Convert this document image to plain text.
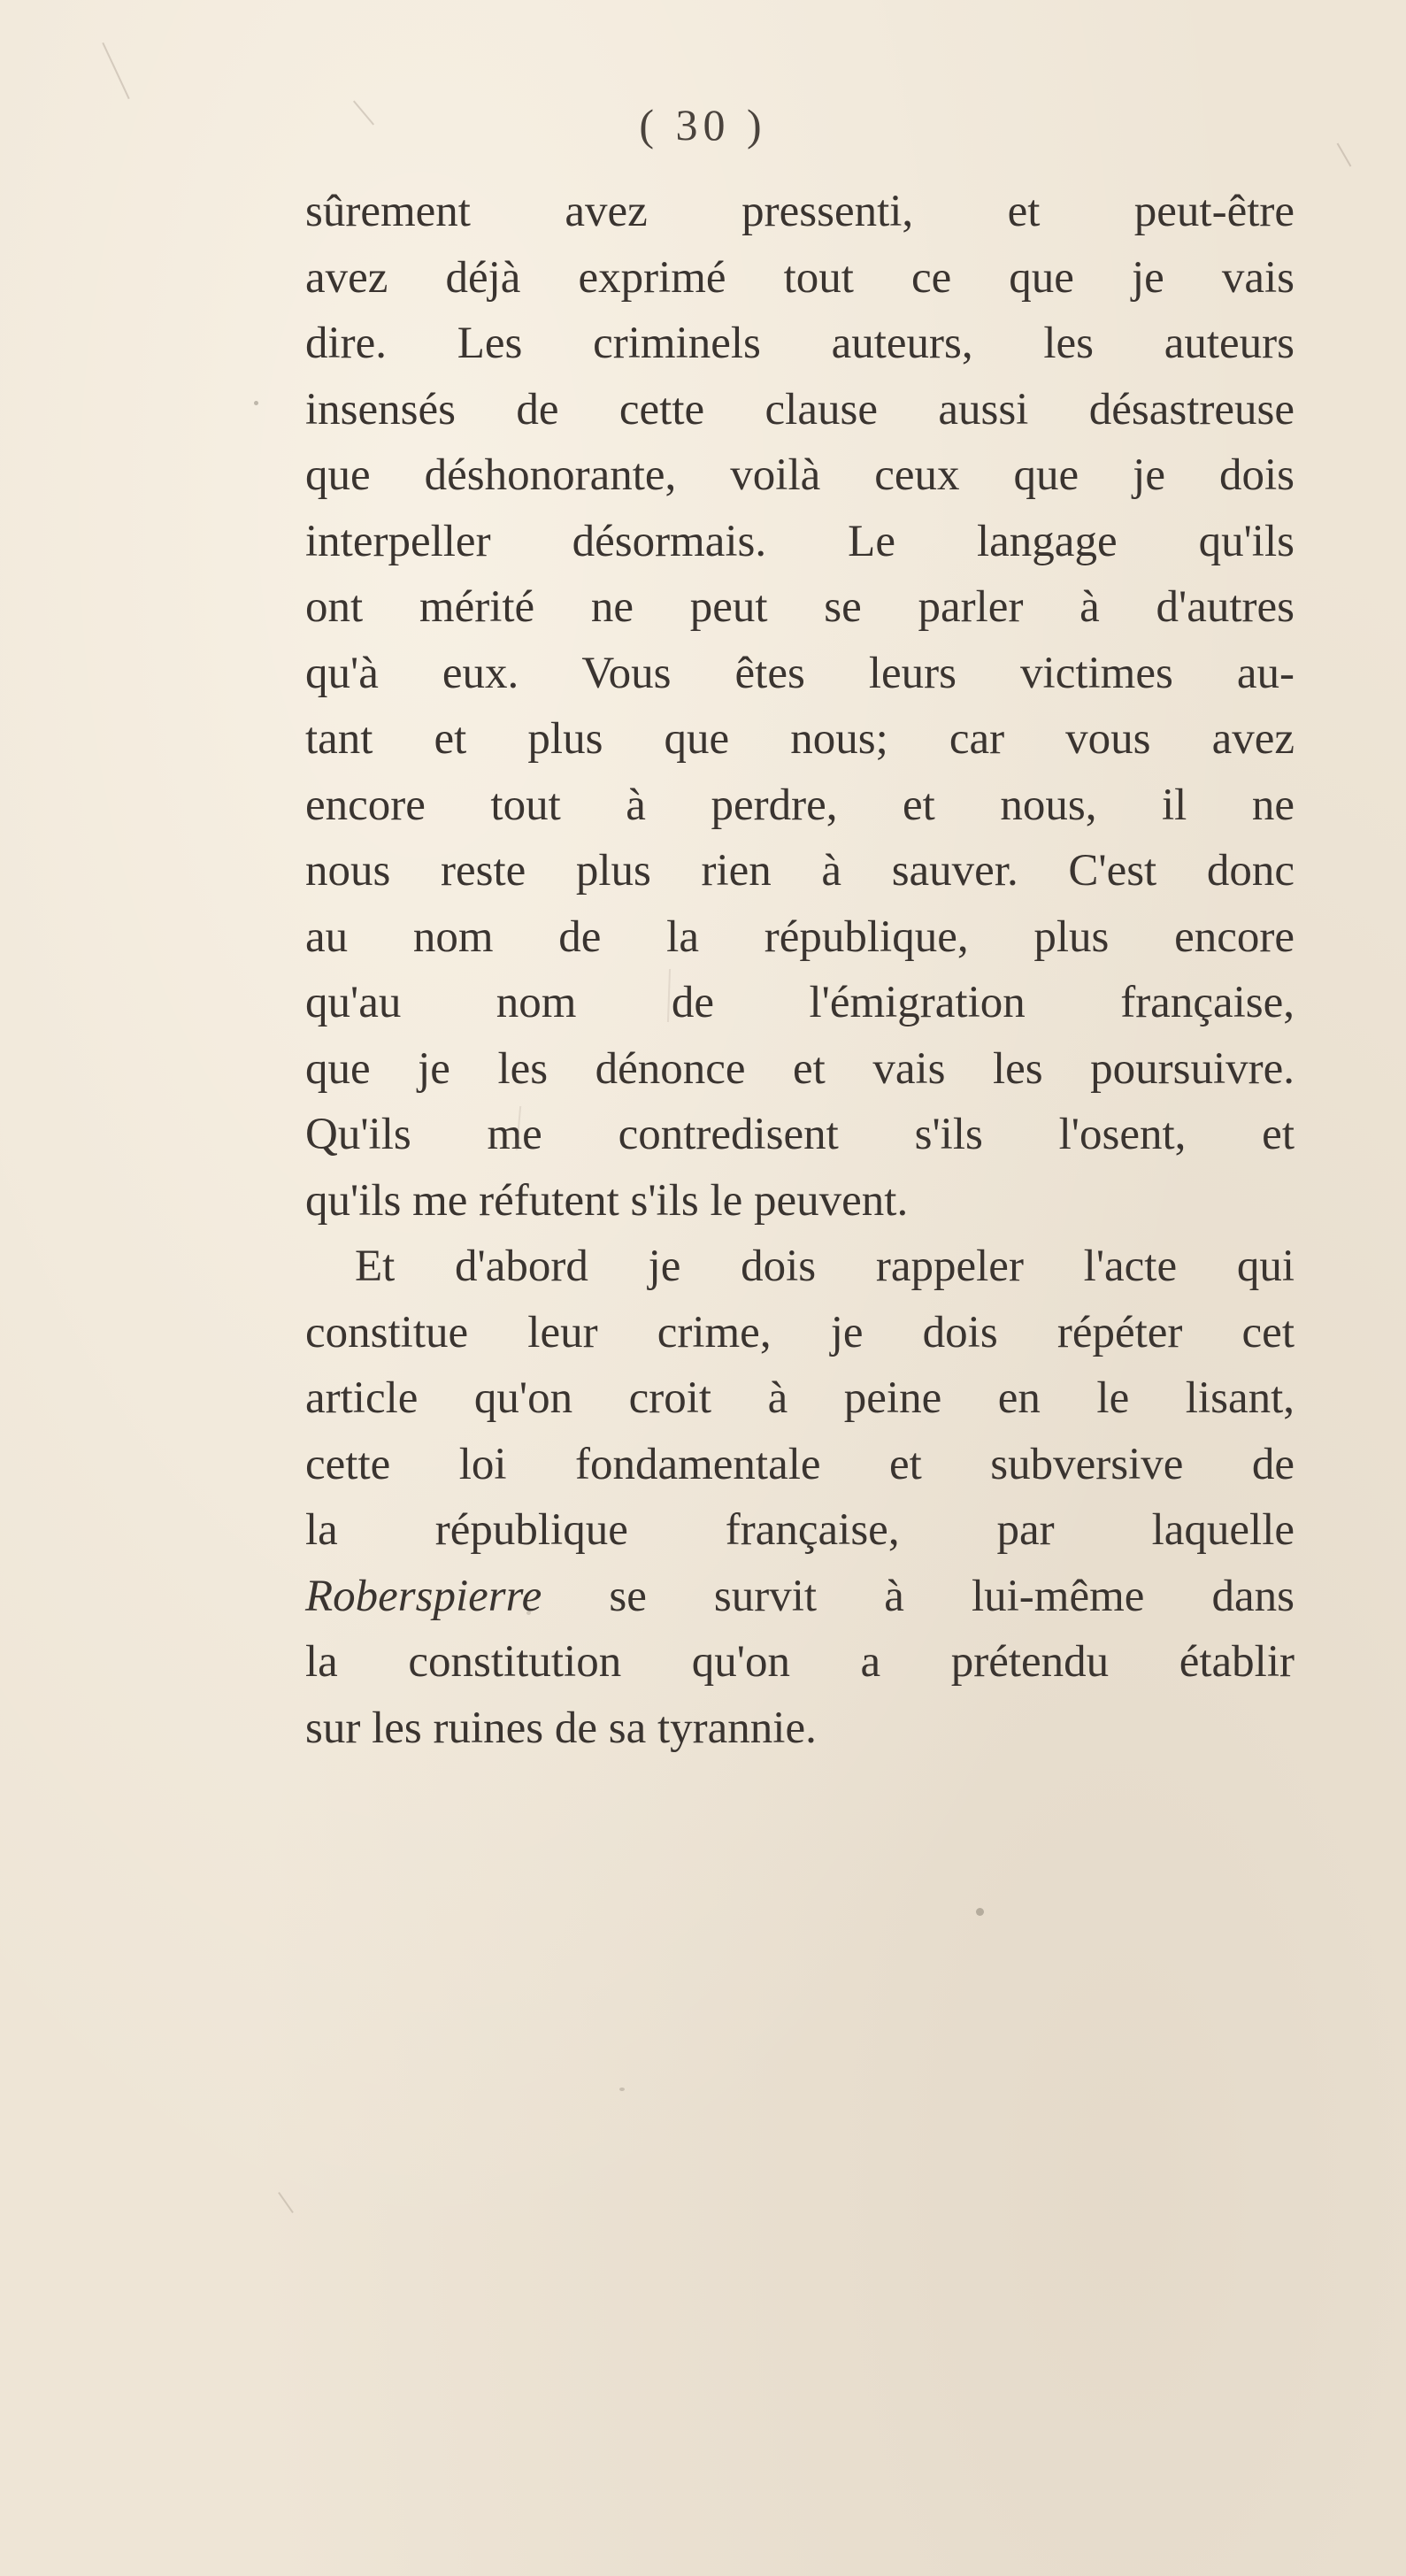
( 30 )
sûrement avez pressenti, et peut-être
avez déjà exprimé tout ce que je vais
dire. Les criminels auteurs, les auteurs
insensés de cette clause aussi désastreuse
que déshonorante, voilà ceux que je dois
interpeller désormais. Le langage qu'ils
ont mérité ne peut se parler à d'autres
qu'à eux. Vous êtes leurs victimes au-
tant et plus que nous; car vous avez
encore tout à perdre, et nous, il ne
nous reste plus rien à sauver. C'est donc
au nom de la république, plus encore
qu'au nom de l'émigration française,
que je les dénonce et vais les poursuivre.
Qu'ils me contredisent s'ils l'osent, et
qu'ils me réfutent s'ils le peuvent.
Et d'abord je dois rappeler l'acte qui
constitue leur crime, je dois répéter cet
article qu'on croit à peine en le lisant,
cette loi fondamentale et subversive de
la république française, par laquelle
Roberspierre se survit à lui-même dans
la constitution qu'on a prétendu établir
sur les ruines de sa tyrannie.
